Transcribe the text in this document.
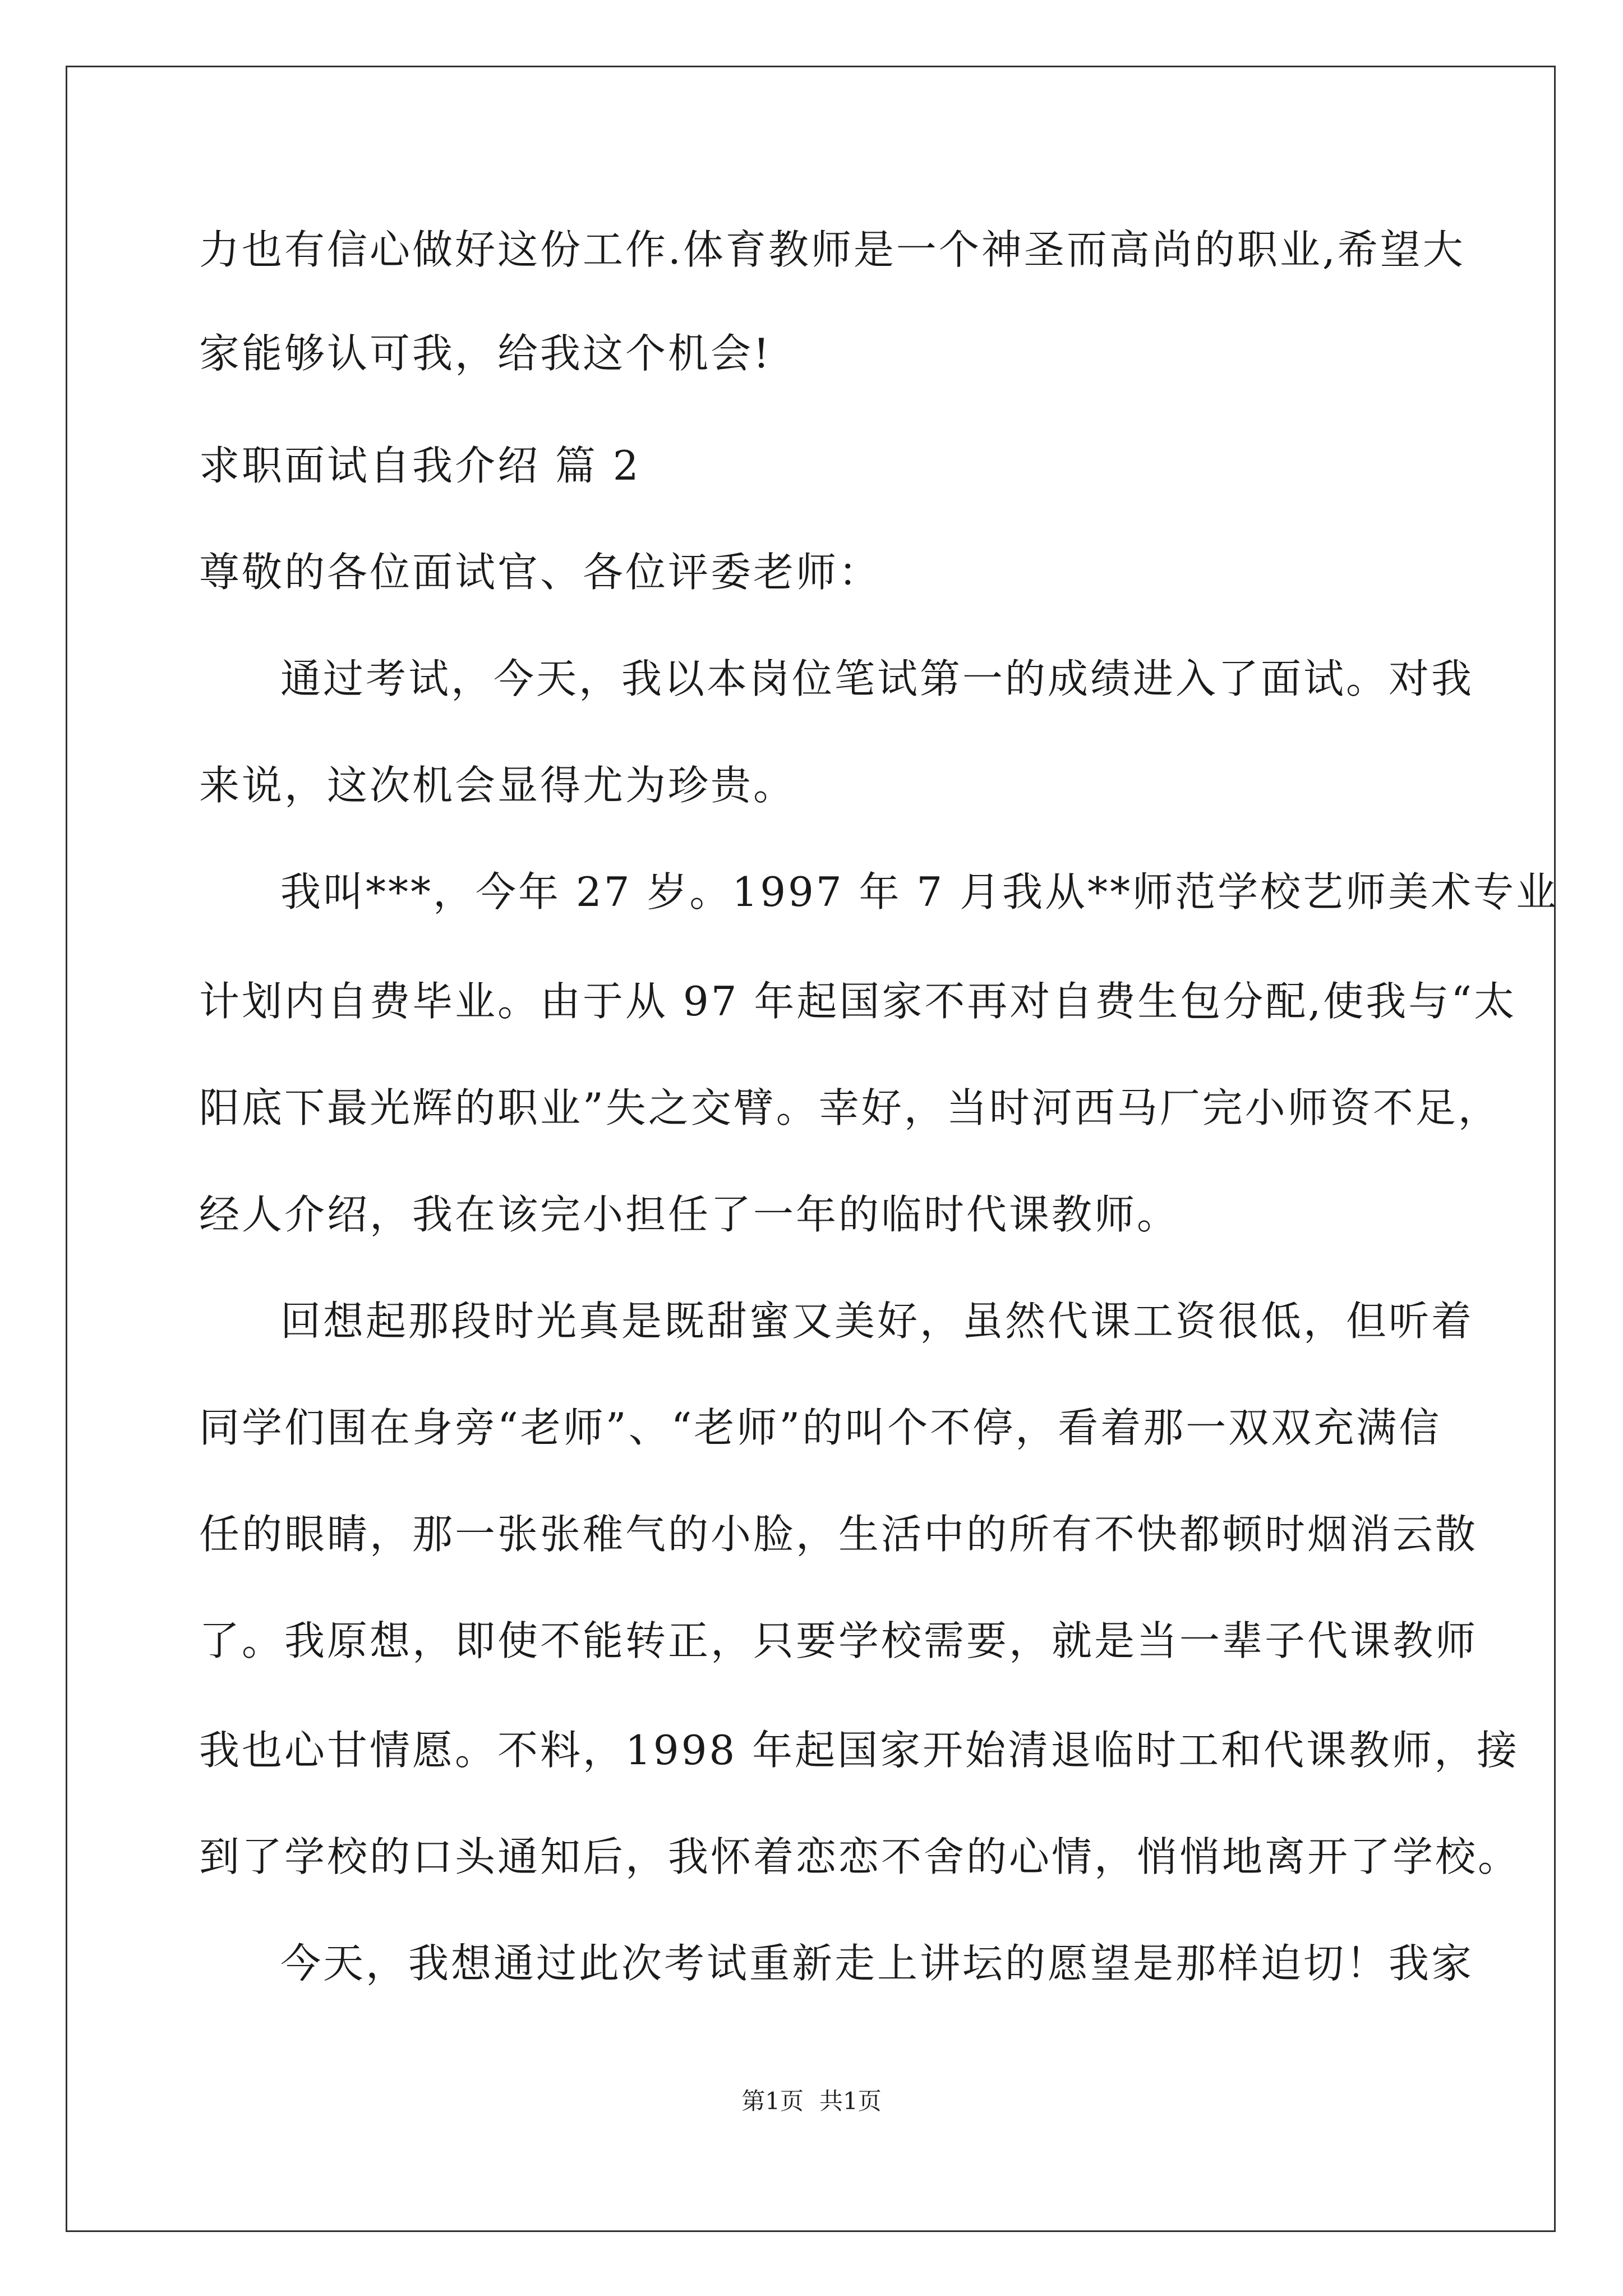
力也有信心做好这份工作.体育教师是一个神圣而高尚的职业,希望大
家能够认可我，给我这个机会!
求职面试自我介绍 篇 2
尊敬的各位面试官、各位评委老师：
通过考试，今天，我以本岗位笔试第一的成绩进入了面试。对我
来说，这次机会显得尤为珍贵。
我叫***，今年 27 岁。1997 年 7 月我从**师范学校艺师美术专业
计划内自费毕业。由于从 97 年起国家不再对自费生包分配,使我与“太
阳底下最光辉的职业”失之交臂。幸好，当时河西马厂完小师资不足，
经人介绍，我在该完小担任了一年的临时代课教师。
回想起那段时光真是既甜蜜又美好，虽然代课工资很低，但听着
同学们围在身旁“老师”、“老师”的叫个不停，看着那一双双充满信
任的眼睛，那一张张稚气的小脸，生活中的所有不快都顿时烟消云散
了。我原想，即使不能转正，只要学校需要，就是当一辈子代课教师
我也心甘情愿。不料，1998 年起国家开始清退临时工和代课教师，接
到了学校的口头通知后，我怀着恋恋不舍的心情，悄悄地离开了学校。
今天，我想通过此次考试重新走上讲坛的愿望是那样迫切！我家
第1页 共1页
